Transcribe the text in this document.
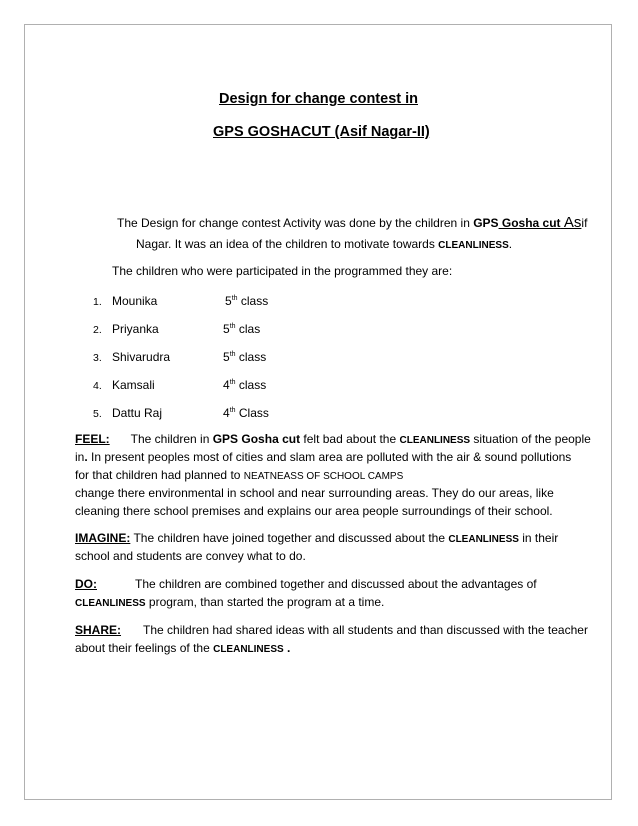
Design for change contest in
GPS GOSHACUT (Asif Nagar-II)
The Design for change contest Activity was done by the children in GPS Gosha cut Asif
Nagar. It was an idea of the children to motivate towards CLEANLINESS.
The children who were participated in the programmed they are:
1. Mounika	5th class
2. Priyanka	5th clas
3. Shivarudra	5th class
4. Kamsali	4th class
5. Dattu Raj	4th Class
FEEL: The children in GPS Gosha cut felt bad about the CLEANLINESS situation of the people
in. In present peoples most of cities and slam area are polluted with the air & sound pollutions
for that children had planned to NEATNEASS OF SCHOOL CAMPS
change there environmental in school and near surrounding areas. They do our areas, like
cleaning there school premises and explains our area people surroundings of their school.
IMAGINE: The children have joined together and discussed about the CLEANLINESS in their
school and students are convey what to do.
DO:	The children are combined together and discussed about the advantages of
CLEANLINESS program, than started the program at a time.
SHARE: The children had shared ideas with all students and than discussed with the teacher
about their feelings of the CLEANLINESS .
